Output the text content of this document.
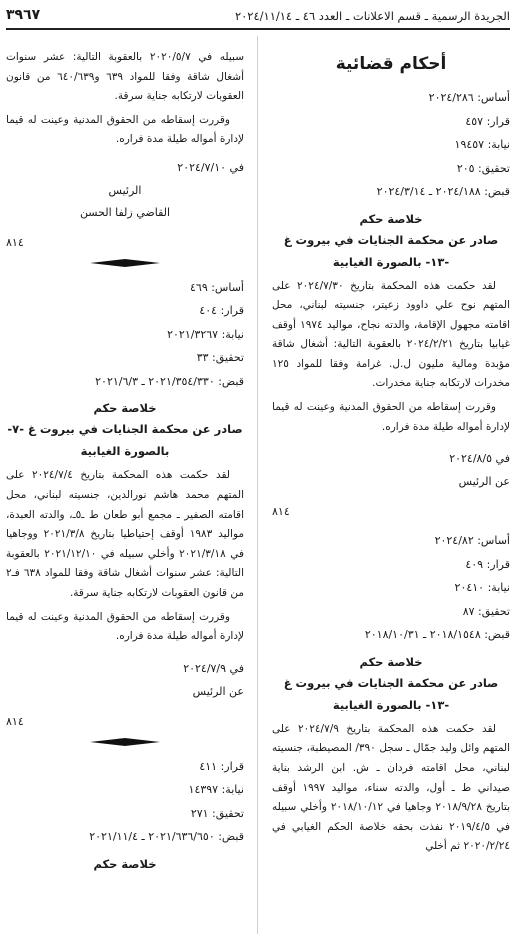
الجريدة الرسمية ـ قسم الاعلانات ـ العدد ٤٦ ـ ٢٠٢٤/١١/١٤
٣٩٦٧
أحكام قضائية
أساس: ٢٠٢٤/٢٨٦
قرار: ٤٥٧
نيابة: ١٩٤٥٧
تحقيق: ٢٠٥
قبض: ٢٠٢٤/١٨٨ ـ ٢٠٢٤/٣/١٤
خلاصة حكم
صادر عن محكمة الجنايات في بيروت غ -١٣- بالصورة الغيابية

لقد حكمت هذه المحكمة بتاريخ ٢٠٢٤/٧/٣٠ على المتهم نوح علي داوود زعيتر، جنسيته لبناني، محل اقامته مجهول الإقامة، والدته نجاح، مواليد ١٩٧٤ أوقف غيابيا بتاريخ ٢٠٢٤/٢/٢١ بالعقوبة التالية: أشغال شاقة مؤبدة ومالية مليون ل.ل. غرامة وفقا للمواد ١٢٥ مخدرات لارتكابه جناية مخدرات.

وقررت إسقاطه من الحقوق المدنية وعينت له قيما لإدارة أمواله طيلة مدة فراره.

في ٢٠٢٤/٨/٥
عن الرئيس
٨١٤
أساس: ٢٠٢٤/٨٢
قرار: ٤٠٩
نيابة: ٢٠٤١٠
تحقيق: ٨٧
قبض: ٢٠١٨/١٥٤٨ ـ ٢٠١٨/١٠/٣١
خلاصة حكم
صادر عن محكمة الجنايات في بيروت غ -١٣- بالصورة الغيابية

لقد حكمت هذه المحكمة بتاريخ ٢٠٢٤/٧/٩ على المتهم وائل وليد جمّال ـ سجل ٣٩٠/ المصيطبة، جنسيته لبناني، محل اقامته فردان ـ ش. ابن الرشد بناية صيداني ط ـ أول، والدته سناء، مواليد ١٩٩٧ أوقف بتاريخ ٢٠١٨/٩/٢٨ وجاهيا في ٢٠١٨/١٠/١٢ وأخلي سبيله في ٢٠١٩/٤/٥ نفذت بحقه خلاصة الحكم الغيابي في ٢٠٢٠/٢/٢٤ ثم أخلي

سبيله في ٢٠٢٠/٥/٧ بالعقوبة التالية: عشر سنوات أشغال شاقة وفقا للمواد ٦٣٩ و٦٤٠/٦٣٩ من قانون العقوبات لارتكابه جناية سرقة.

وقررت إسقاطه من الحقوق المدنية وعينت له قيما لإدارة أمواله طيلة مدة فراره.

في ٢٠٢٤/٧/١٠
الرئيس
القاضي زلفا الحسن
٨١٤
أساس: ٤٦٩
قرار: ٤٠٤
نيابة: ٢٠٢١/٣٢٦٧
تحقيق: ٣٣
قبض: ٢٠٢١/٣٥٤/٣٣٠ ـ ٢٠٢١/٦/٣
خلاصة حكم
صادر عن محكمة الجنايات في بيروت غ -٧- بالصورة الغيابية

لقد حكمت هذه المحكمة بتاريخ ٢٠٢٤/٧/٤ على المتهم محمد هاشم نورالدين، جنسيته لبناني، محل اقامته الصفير ـ مجمع أبو طعان ط ـ٥ـ، والدته العبدة، مواليد ١٩٨٣ أوقف إحتياطيا بتاريخ ٢٠٢١/٣/٨ ووجاهيا في ٢٠٢١/٣/١٨ وأخلي سبيله في ٢٠٢١/١٢/١٠ بالعقوبة التالية: عشر سنوات أشغال شاقة وفقا للمواد ٦٣٨ فـ٢ من قانون العقوبات لارتكابه جناية سرقة.

وقررت إسقاطه من الحقوق المدنية وعينت له قيما لإدارة أمواله طيلة مدة فراره.

في ٢٠٢٤/٧/٩
عن الرئيس
٨١٤
قرار: ٤١١
نيابة: ١٤٣٩٧
تحقيق: ٢٧١
قبض: ٢٠٢١/٦٣٦/٦٥٠ ـ ٢٠٢١/١١/٤
خلاصة حكم
